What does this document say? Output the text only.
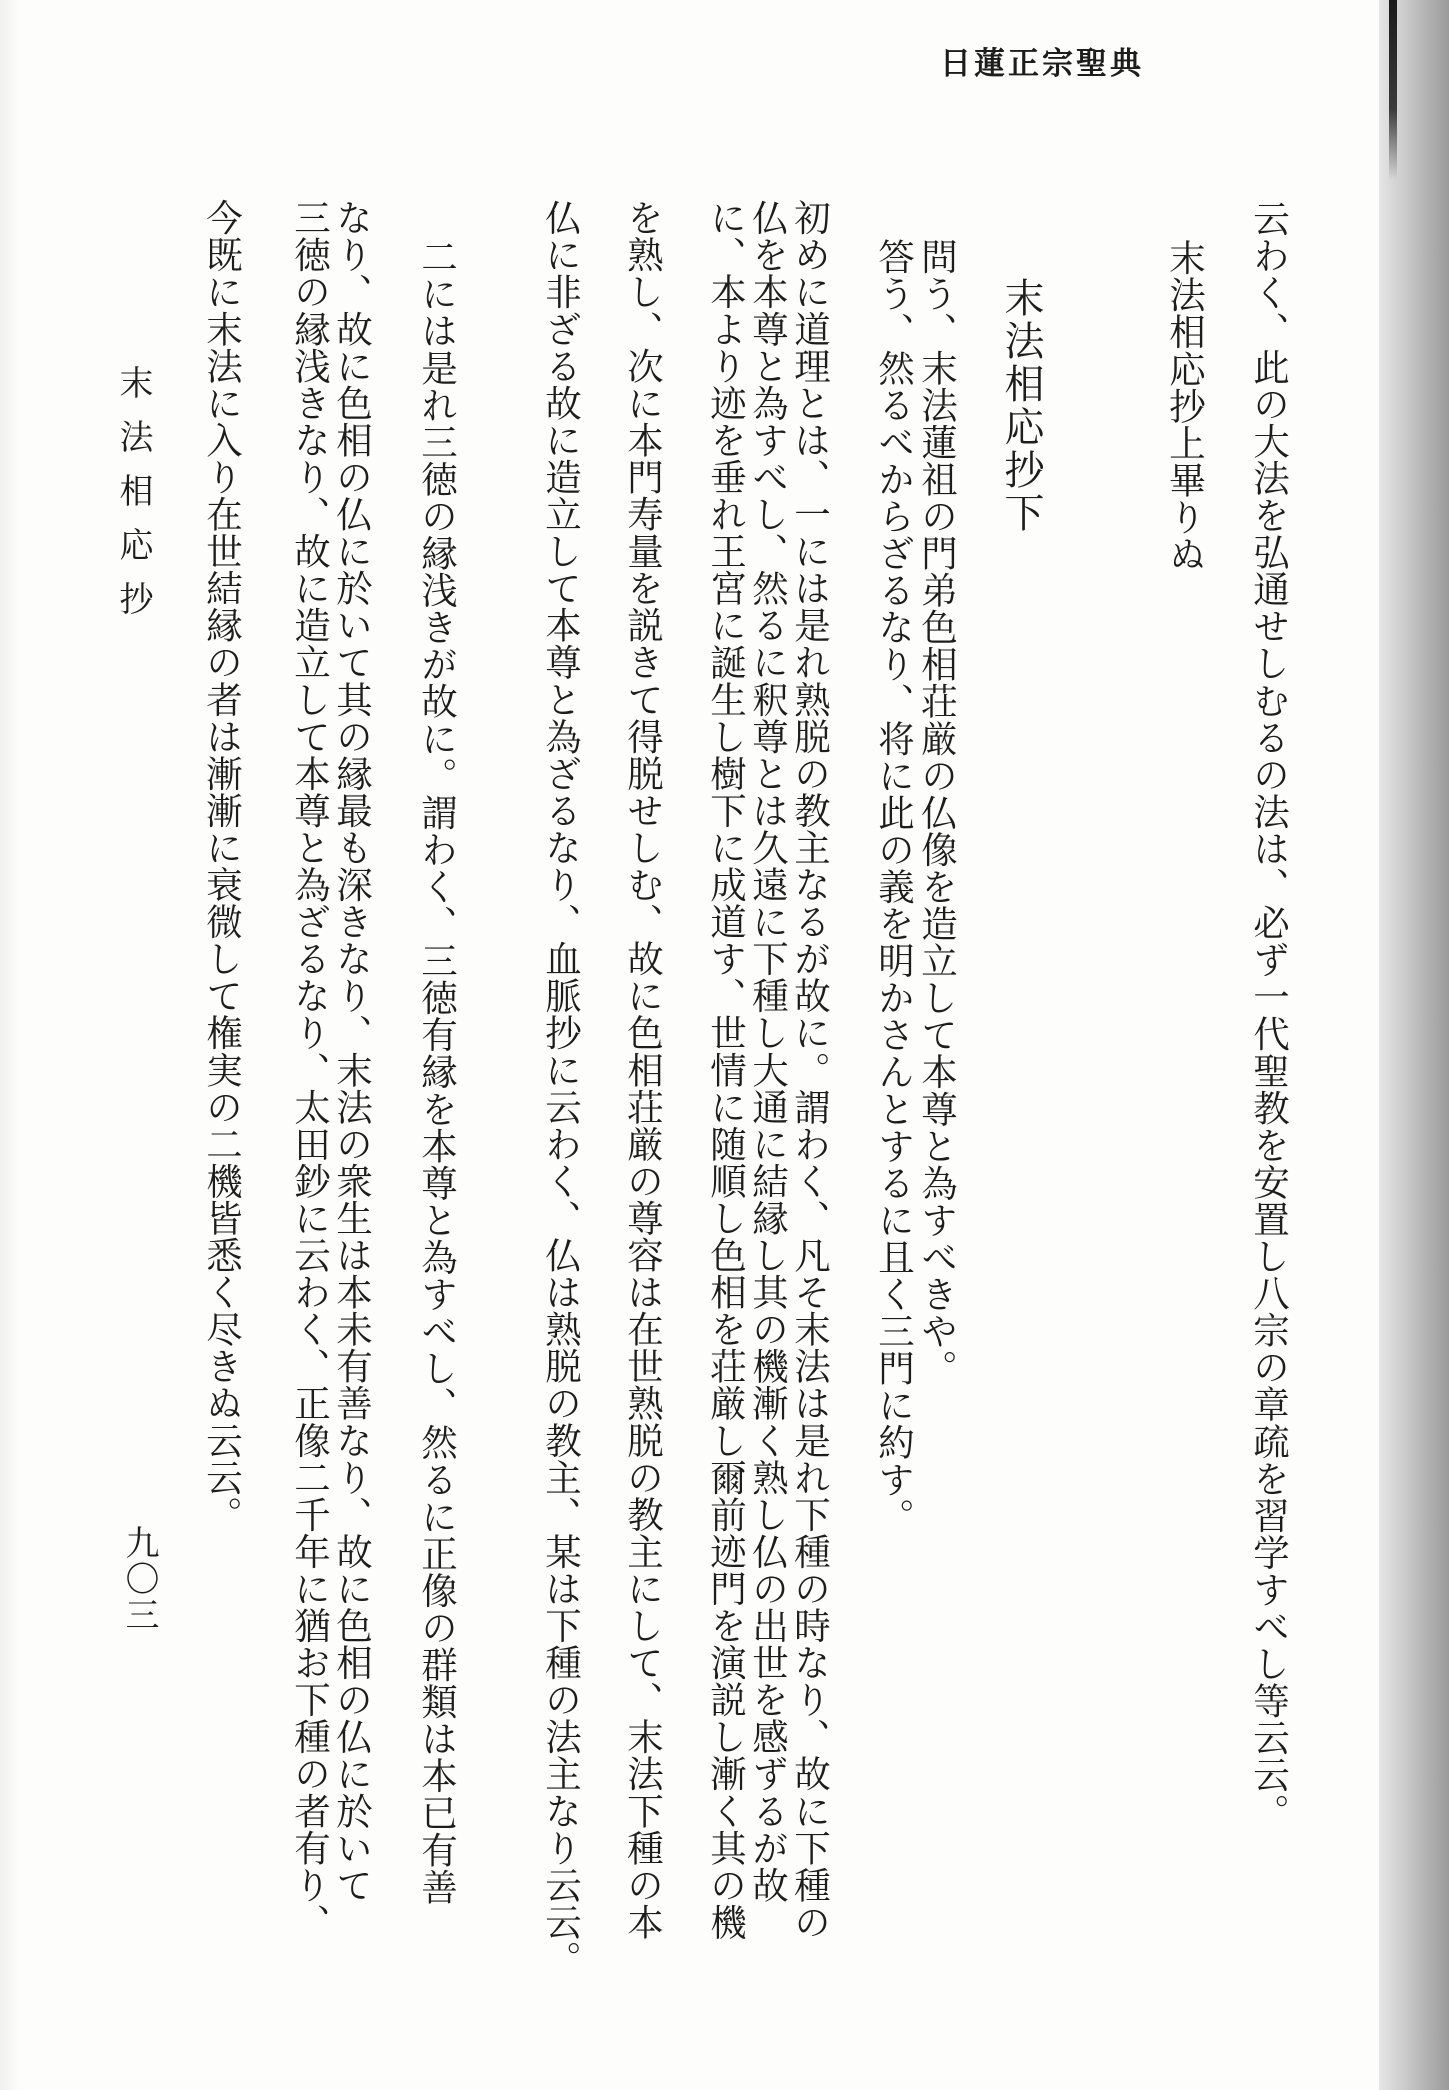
日蓮正宗聖典
云わく、此の大法を弘通せしむるの法は、必ず一代聖教を安置し八宗の章疏を習学すべし等云云。
末法相応抄上畢りぬ
末法相応抄下
問う、末法蓮祖の門弟色相荘厳の仏像を造立して本尊と為すべきや。
答う、然るべからざるなり、将に此の義を明かさんとするに且く三門に約す。
初めに道理とは、一には是れ熟脱の教主なるが故に。謂わく、凡そ末法は是れ下種の時なり、故に下種の
仏を本尊と為すべし、然るに釈尊とは久遠に下種し大通に結縁し其の機漸く熟し仏の出世を感ずるが故
に、本より迹を垂れ王宮に誕生し樹下に成道す、世情に随順し色相を荘厳し爾前迹門を演説し漸く其の機
を熟し、次に本門寿量を説きて得脱せしむ、故に色相荘厳の尊容は在世熟脱の教主にして、末法下種の本
仏に非ざる故に造立して本尊と為ざるなり、血脈抄に云わく、仏は熟脱の教主、某は下種の法主なり云云。
二には是れ三徳の縁浅きが故に。謂わく、三徳有縁を本尊と為すべし、然るに正像の群類は本已有善
なり、故に色相の仏に於いて其の縁最も深きなり、末法の衆生は本未有善なり、故に色相の仏に於いて
三徳の縁浅きなり、故に造立して本尊と為ざるなり、太田鈔に云わく、正像二千年に猶お下種の者有り、
今既に末法に入り在世結縁の者は漸漸に衰微して権実の二機皆悉く尽きぬ云云。
末法相応抄
九〇三
